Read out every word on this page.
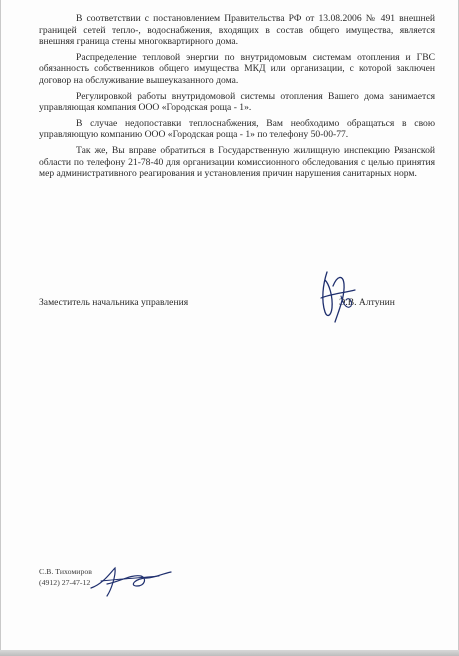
В соответствии с постановлением Правительства РФ от 13.08.2006 № 491 внешней границей сетей тепло-, водоснабжения, входящих в состав общего имущества, является внешняя граница стены многоквартирного дома.

Распределение тепловой энергии по внутридомовым системам отопления и ГВС обязанность собственников общего имущества МКД или организации, с которой заключен договор на обслуживание вышеуказанного дома.

Регулировкой работы внутридомовой системы отопления Вашего дома занимается управляющая компания ООО «Городская роща - 1».

В случае недопоставки теплоснабжения, Вам необходимо обращаться в свою управляющую компанию ООО «Городская роща - 1» по телефону 50-00-77.

Так же, Вы вправе обратиться в Государственную жилищную инспекцию Рязанской области по телефону 21-78-40 для организации комиссионного обследования с целью принятия мер административного реагирования и установления причин нарушения санитарных норм.

Заместитель начальника управления	Э.В. Алтунин
С.В. Тихомиров
(4912) 27-47-12
